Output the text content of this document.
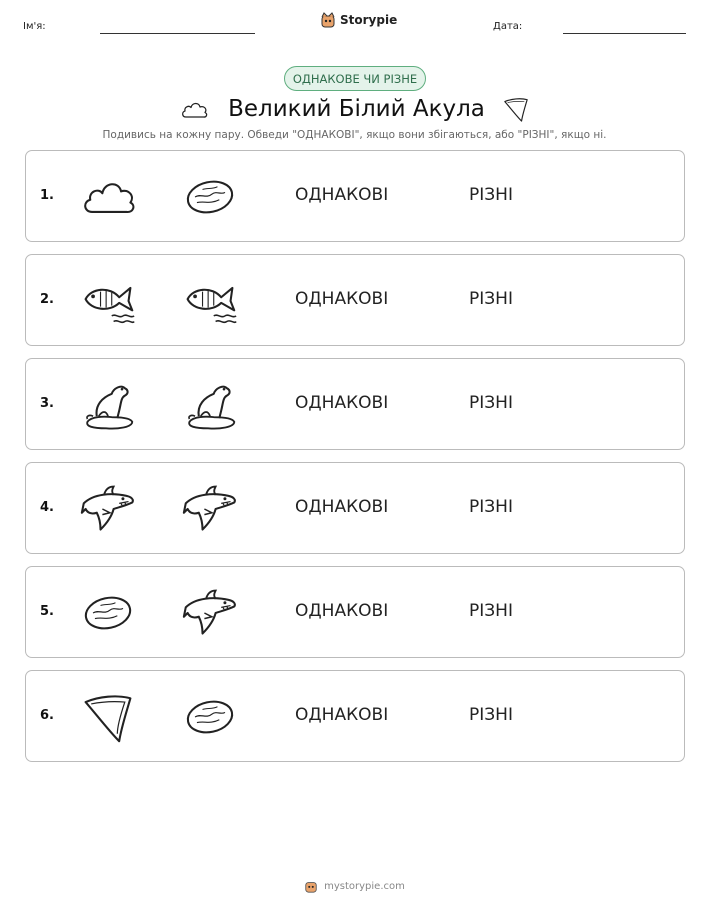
Ім'я:	Storypie	Дата:
ОДНАКОВЕ ЧИ РІЗНЕ
Великий Білий Акула
Подивись на кожну пару. Обведи "ОДНАКОВІ", якщо вони збігаються, або "РІЗНІ", якщо ні.
1.	ОДНАКОВІ	РІЗНІ
2.	ОДНАКОВІ	РІЗНІ
3.	ОДНАКОВІ	РІЗНІ
4.	ОДНАКОВІ	РІЗНІ
5.	ОДНАКОВІ	РІЗНІ
6.	ОДНАКОВІ	РІЗНІ
mystorypie.com
